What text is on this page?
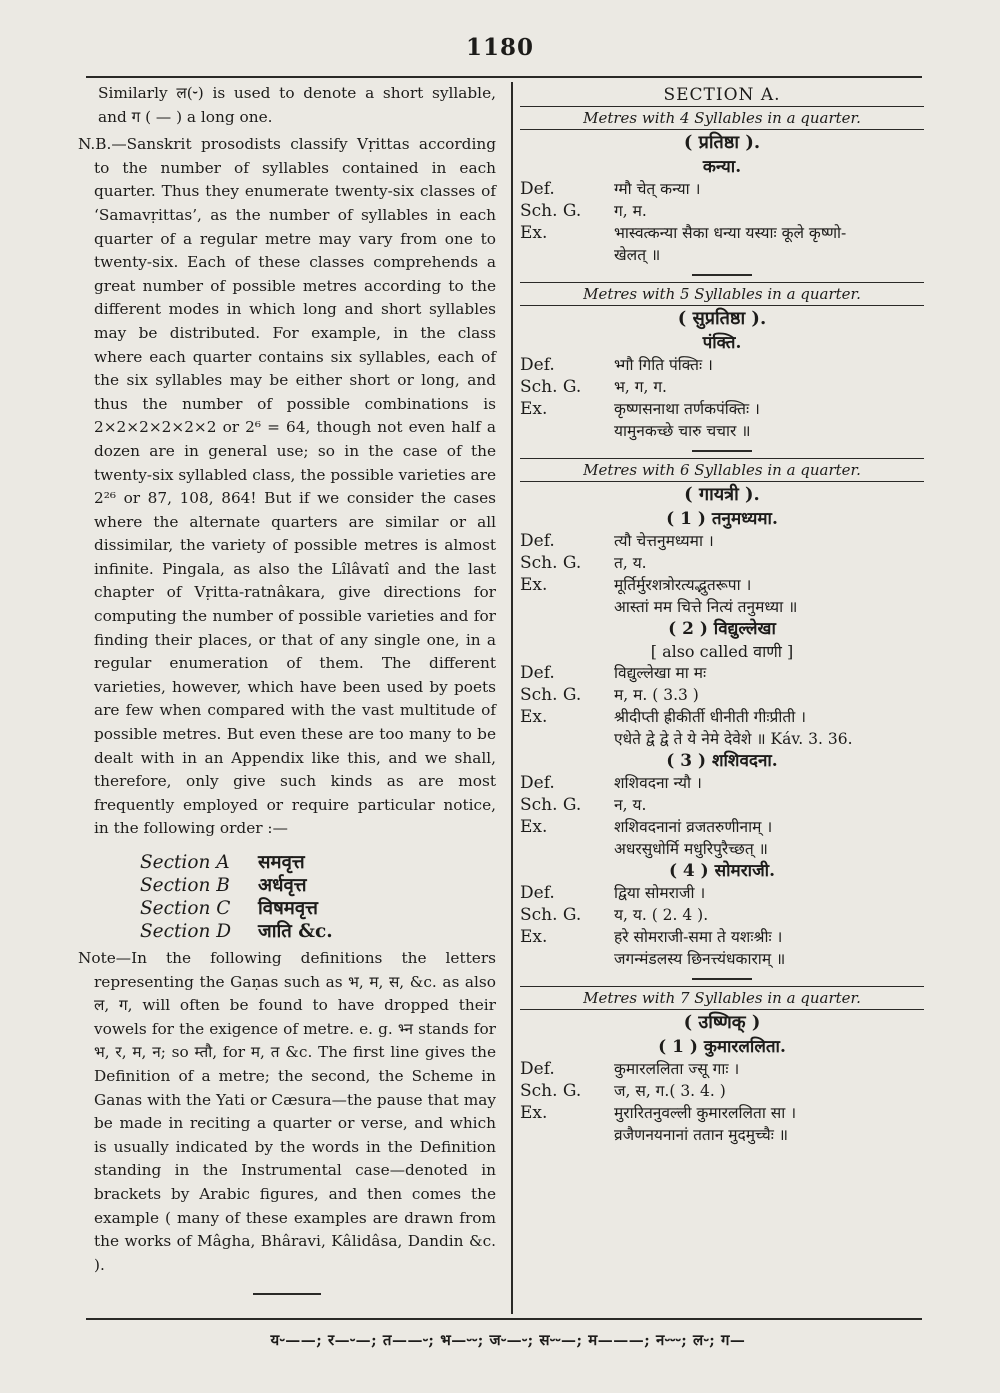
1180

Similarly ल(⏑) is used to denote a short syllable, and ग ( — ) a long one.

N.B.—Sanskrit prosodists classify Vṛittas according to the number of syllables contained in each quarter. Thus they enumerate twenty-six classes of ‘Samavṛittas’, as the number of syllables in each quarter of a regular metre may vary from one to twenty-six. Each of these classes comprehends a great number of possible metres according to the different modes in which long and short syllables may be distributed. For example, in the class where each quarter contains six syllables, each of the six syllables may be either short or long, and thus the number of possible combinations is 2×2×2×2×2×2 or 2⁶ = 64, though not even half a dozen are in general use; so in the case of the twenty-six syllabled class, the possible varieties are 2²⁶ or 87, 108, 864! But if we consider the cases where the alternate quarters are similar or all dissimilar, the variety of possible metres is almost infinite. Pingala, as also the Lîlâvatî and the last chapter of Vṛitta-ratnâkara, give directions for computing the number of possible varieties and for finding their places, or that of any single one, in a regular enumeration of them. The different varieties, however, which have been used by poets are few when compared with the vast multitude of possible metres. But even these are too many to be dealt with in an Appendix like this, and we shall, therefore, only give such kinds as are most frequently employed or require particular notice, in the following order :—

Section A	समवृत्त
Section B	अर्धवृत्त
Section C	विषमवृत्त
Section D	जाति &c.

Note—In the following definitions the letters representing the Gaṇas such as भ, म, स, &c. as also ल, ग, will often be found to have dropped their vowels for the exigence of metre. e. g. भ्न stands for भ, र, म, न; so म्तौ, for म, त &c. The first line gives the Definition of a metre; the second, the Scheme in Ganas with the Yati or Cæsura—the pause that may be made in reciting a quarter or verse, and which is usually indicated by the words in the Definition standing in the Instrumental case—denoted in brackets by Arabic figures, and then comes the example ( many of these examples are drawn from the works of Mâgha, Bhâravi, Kâlidâsa, Dandin &c. ).

SECTION A.
Metres with 4 Syllables in a quarter.
( प्रतिष्ठा ).
कन्या.
Def.	ग्मौ चेत् कन्या ।
Sch. G.	ग, म.
Ex.	भास्वत्कन्या सैका धन्या यस्याः कूले कृष्णो-
खेलत् ॥
Metres with 5 Syllables in a quarter.
( सुप्रतिष्ठा ).
पंक्ति.
Def.	भ्गौ गिति पंक्तिः ।
Sch. G.	भ, ग, ग.
Ex.	कृष्णसनाथा तर्णकपंक्तिः ।
यामुनकच्छे चारु चचार ॥
Metres with 6 Syllables in a quarter.
( गायत्री ).
( 1 ) तनुमध्यमा.
Def.	त्यौ चेत्तनुमध्यमा ।
Sch. G.	त, य.
Ex.	मूर्तिर्मुरशत्रोरत्यद्भुतरूपा ।
आस्तां मम चित्ते नित्यं तनुमध्या ॥
( 2 ) विद्युल्लेखा
[ also called वाणी ]
Def.	विद्युल्लेखा मा मः
Sch. G.	म, म. ( 3.3 )
Ex.	श्रीदीप्ती ह्रीकीर्ती धीनीती गीःप्रीती ।
एधेते द्वे द्वे ते ये नेमे देवेशे ॥ Káv. 3. 36.
( 3 ) शशिवदना.
Def.	शशिवदना न्यौ ।
Sch. G.	न, य.
Ex.	शशिवदनानां व्रजतरुणीनाम् ।
अधरसुधोर्मि मधुरिपुरैच्छत् ॥
( 4 ) सोमराजी.
Def.	द्विया सोमराजी ।
Sch. G.	य, य. ( 2. 4 ).
Ex.	हरे सोमराजी-समा ते यशःश्रीः ।
जगन्मंडलस्य छिनत्त्यंधकाराम् ॥
Metres with 7 Syllables in a quarter.
( उष्णिक् )
( 1 ) कुमारललिता.
Def.	कुमारललिता ज्सू गाः ।
Sch. G.	ज, स, ग.( 3. 4. )
Ex.	मुरारितनुवल्ली कुमारललिता सा ।
व्रजैणनयनानां ततान मुदमुच्चैः ॥
य⏑——; र—⏑—; त——⏑; भ—⏑⏑; ज⏑—⏑; स⏑⏑—; म———; न⏑⏑⏑; ल⏑; ग—
